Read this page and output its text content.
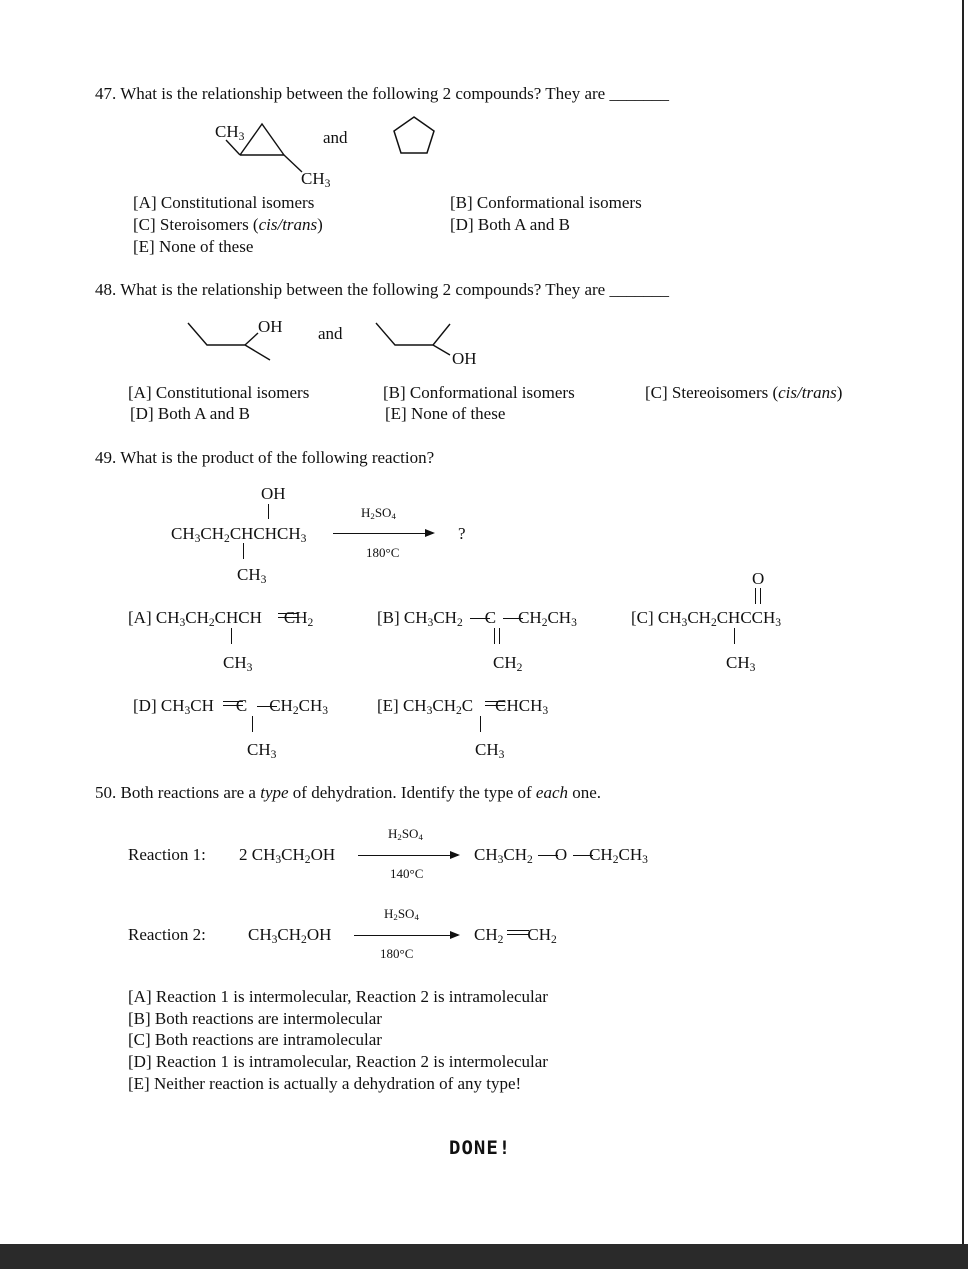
47. What is the relationship between the following 2 compounds? They are _______
$CH_3$	and
$CH_3$
[A] Constitutional isomers	[B] Conformational isomers
[C] Steroisomers (cis/trans)	[D] Both A and B
[E] None of these
48. What is the relationship between the following 2 compounds? They are _______
OH and
OH
[A] Constitutional isomers	[B] Conformational isomers	[C] Stereoisomers (cis/trans)
[D] Both A and B	[E] None of these
49. What is the product of the following reaction?
OH
$CH_3CH_2CHCHCH_3$
$CH_3$
$H_2SO_4$
180°C
?
[A] $CH_3CH_2CHCH$ $CH_2$
$CH_3$
[B] $CH_3CH_2$ C $CH_2CH_3$
$CH_2$
O
[C] $CH_3CH_2CHCCH_3$
$CH_3$
[D] $CH_3CH$ C $CH_2CH_3$
$CH_3$
[E] $CH_3CH_2C$ $CHCH_3$
$CH_3$
50. Both reactions are a type of dehydration. Identify the type of each one.
Reaction 1: 2 $CH_3CH_2OH$
$H_2SO_4$
140°C
$CH_3CH_2$ O $CH_2CH_3$
Reaction 2: $CH_3CH_2OH$
$H_2SO_4$
180°C
$CH_2$ $CH_2$
[A] Reaction 1 is intermolecular, Reaction 2 is intramolecular
[B] Both reactions are intermolecular
[C] Both reactions are intramolecular
[D] Reaction 1 is intramolecular, Reaction 2 is intermolecular
[E] Neither reaction is actually a dehydration of any type!
DONE!
